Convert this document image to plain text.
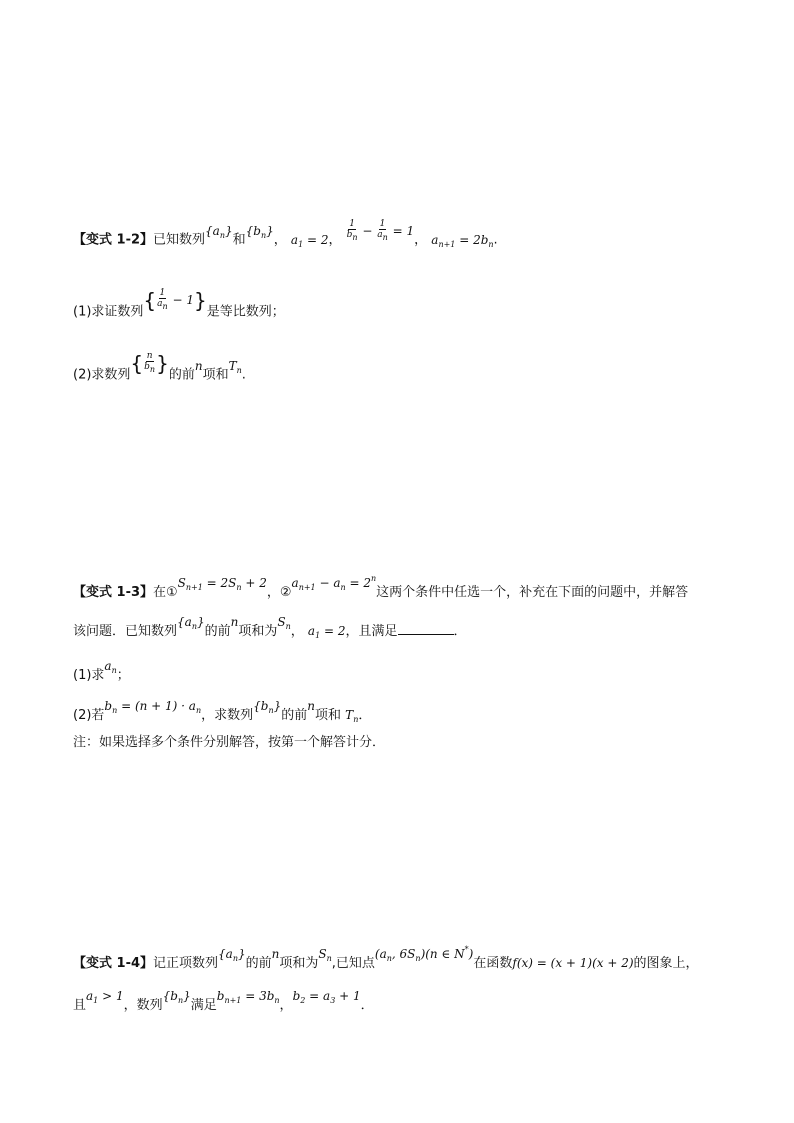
【变式 1-2】已知数列$\{a_n\}$和$\{b_n\}$， $a_1 = 2$， $\frac{1}{b_n} - \frac{1}{a_n} = 1$， $a_{n+1} = 2b_n$.
(1)求证数列{ $\frac{1}{a_n} - 1$}是等比数列；
(2)求数列{ $\frac{n}{b_n}$ }的前n项和$T_n$.
【变式 1-3】在$①S_{n+1} = 2S_n + 2$，$②a_{n+1} - a_n = 2^n$这两个条件中任选一个，补充在下面的问题中，并解答
该问题．已知数列$\{a_n\}$的前n项和为$S_n$， $a_1 = 2$，且满足	．
(1)求$a_n$；
(2)若$b_n = (n + 1) \cdot a_n$，求数列$\{b_n\}$的前n项和 $T_n$．
注：如果选择多个条件分别解答，按第一个解答计分．
【变式 1-4】记正项数列$\{a_n\}$的前n项和为$S_n$,已知点($a_n$, $6S_n)(n$ ∈ N*)在函数f(x) = (x + 1)(x + 2)的图象上，
且$a_1 > 1$，数列$\{b_n\}$满足$b_{n+1} = 3b_n$，$b_2 = a_3 + 1$．
